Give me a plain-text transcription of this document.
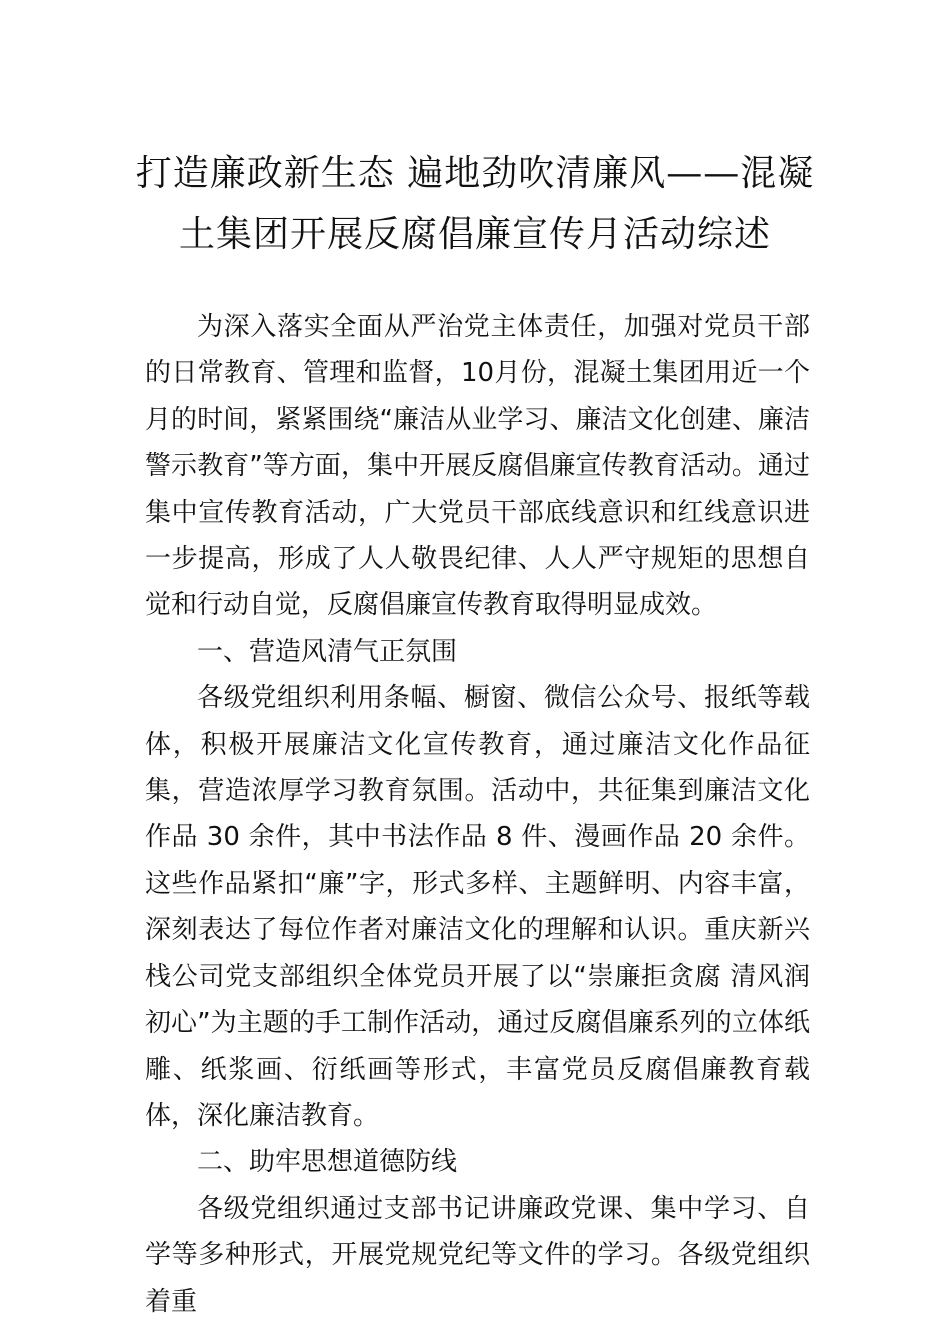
打造廉政新生态 遍地劲吹清廉风——混凝
土集团开展反腐倡廉宣传月活动综述

为深入落实全面从严治党主体责任，加强对党员干部的日常教育、管理和监督，10月份，混凝土集团用近一个月的时间，紧紧围绕“廉洁从业学习、廉洁文化创建、廉洁警示教育”等方面，集中开展反腐倡廉宣传教育活动。通过集中宣传教育活动，广大党员干部底线意识和红线意识进一步提高，形成了人人敬畏纪律、人人严守规矩的思想自觉和行动自觉，反腐倡廉宣传教育取得明显成效。

一、营造风清气正氛围

各级党组织利用条幅、橱窗、微信公众号、报纸等载体，积极开展廉洁文化宣传教育，通过廉洁文化作品征集，营造浓厚学习教育氛围。活动中，共征集到廉洁文化作品 30 余件，其中书法作品 8 件、漫画作品 20 余件。这些作品紧扣“廉”字，形式多样、主题鲜明、内容丰富，深刻表达了每位作者对廉洁文化的理解和认识。重庆新兴栈公司党支部组织全体党员开展了以“崇廉拒贪腐 清风润初心”为主题的手工制作活动，通过反腐倡廉系列的立体纸雕、纸浆画、衍纸画等形式，丰富党员反腐倡廉教育载体，深化廉洁教育。

二、助牢思想道德防线

各级党组织通过支部书记讲廉政党课、集中学习、自学等多种形式，开展党规党纪等文件的学习。各级党组织着重
